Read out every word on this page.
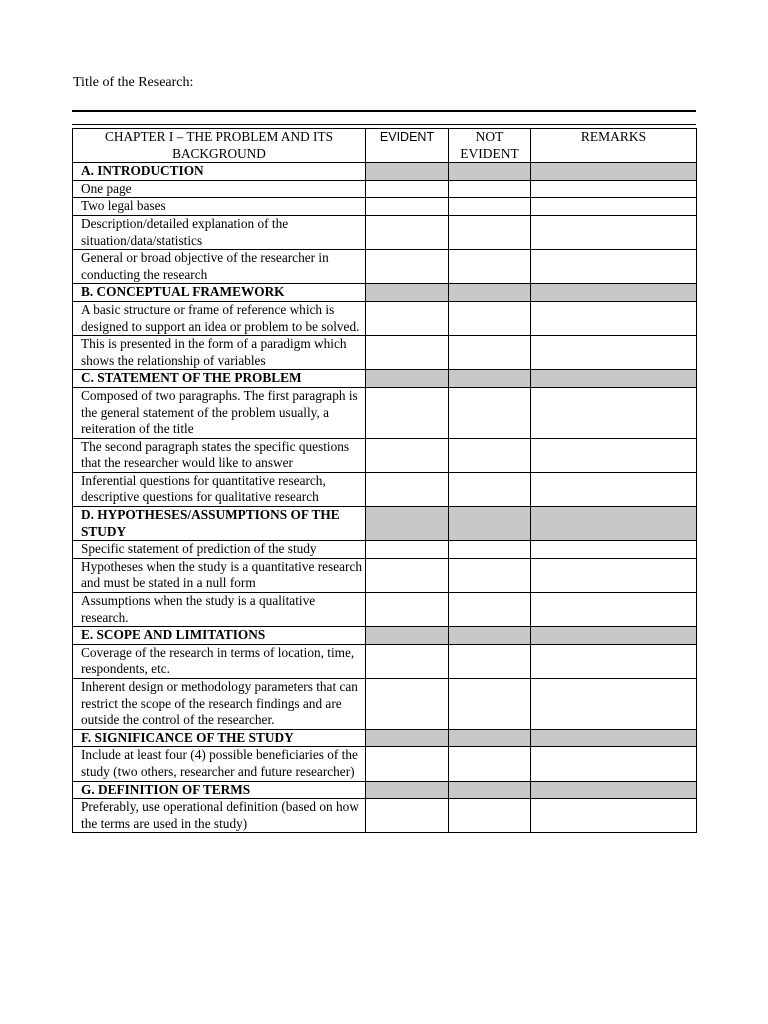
Title of the Research:
CHAPTER I – THE PROBLEM AND ITS BACKGROUND	EVIDENT	NOT EVIDENT	REMARKS
A. INTRODUCTION			
One page			
Two legal bases			
Description/detailed explanation of the situation/data/statistics			
General or broad objective of the researcher in conducting the research			
B. CONCEPTUAL FRAMEWORK			
A basic structure or frame of reference which is designed to support an idea or problem to be solved.			
This is presented in the form of a paradigm which shows the relationship of variables			
C. STATEMENT OF THE PROBLEM			
Composed of two paragraphs. The first paragraph is the general statement of the problem usually, a reiteration of the title			
The second paragraph states the specific questions that the researcher would like to answer			
Inferential questions for quantitative research, descriptive questions for qualitative research			
D. HYPOTHESES/ASSUMPTIONS OF THE STUDY			
Specific statement of prediction of the study			
Hypotheses when the study is a quantitative research and must be stated in a null form			
Assumptions when the study is a qualitative research.			
E. SCOPE AND LIMITATIONS			
Coverage of the research in terms of location, time, respondents, etc.			
Inherent design or methodology parameters that can restrict the scope of the research findings and are outside the control of the researcher.			
F. SIGNIFICANCE OF THE STUDY			
Include at least four (4) possible beneficiaries of the study (two others, researcher and future researcher)			
G. DEFINITION OF TERMS			
Preferably, use operational definition (based on how the terms are used in the study)			
